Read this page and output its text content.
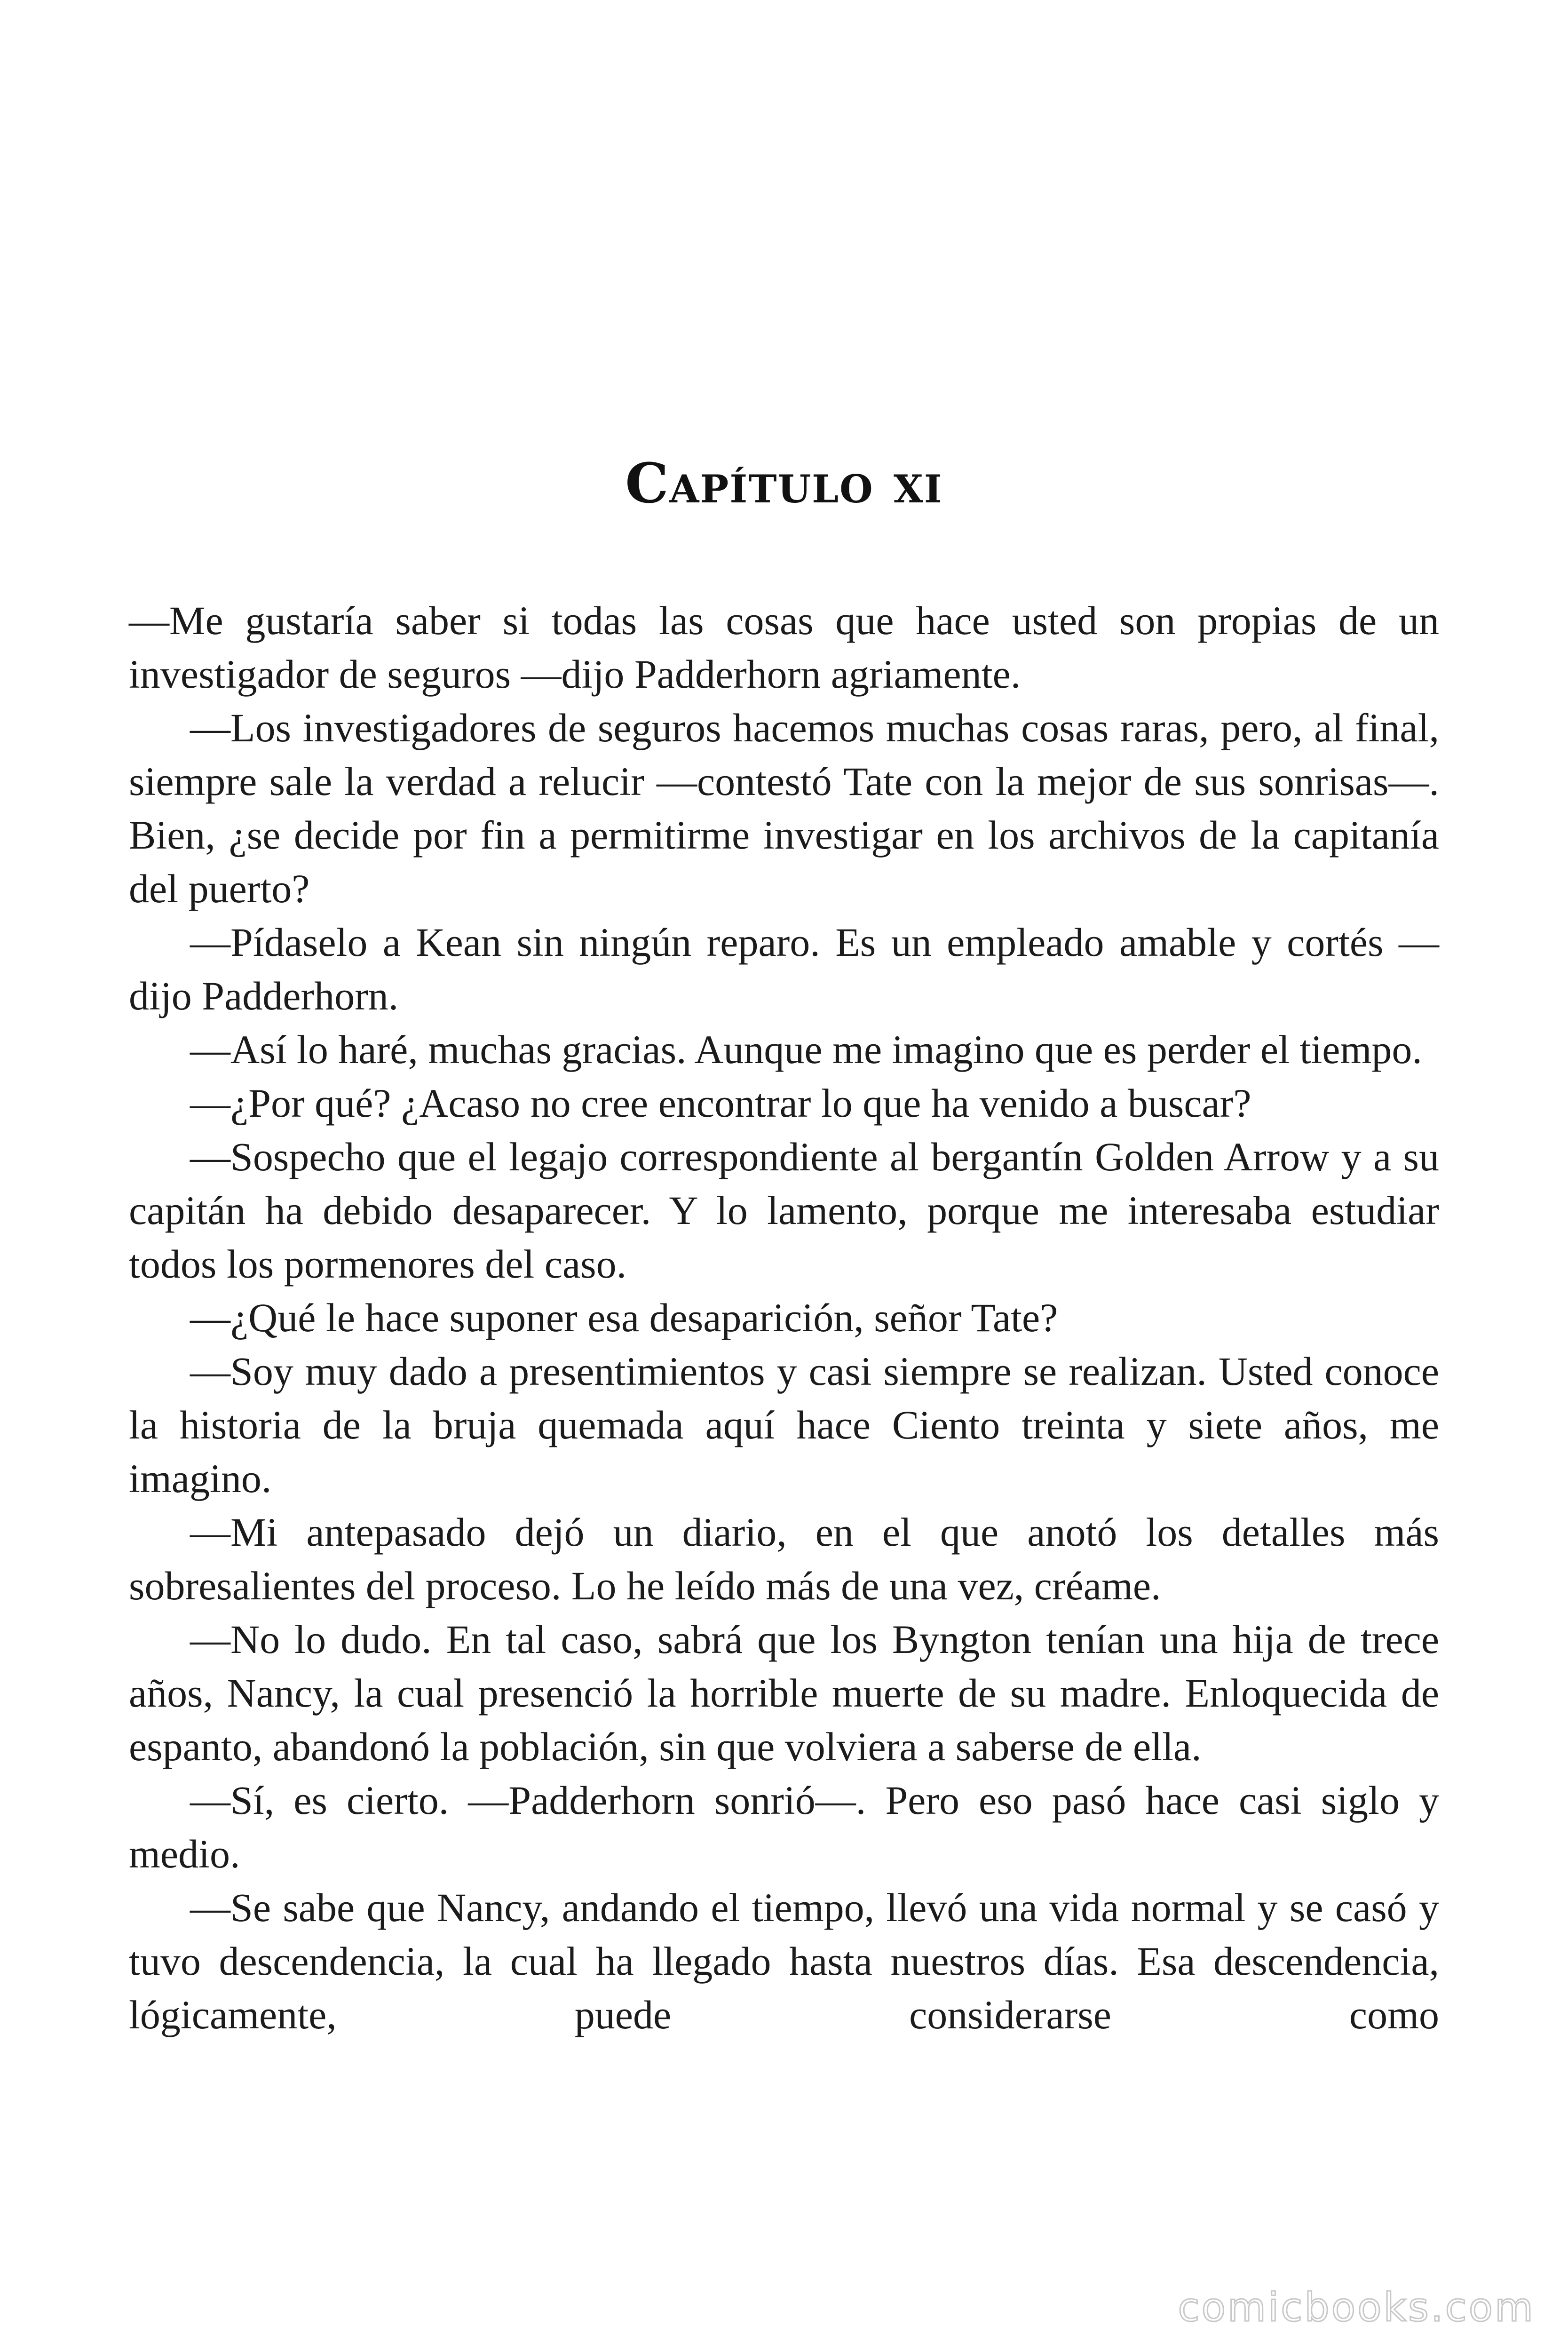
Capítulo xi

—Me gustaría saber si todas las cosas que hace usted son propias de un investigador de seguros —dijo Padderhorn agriamente.

—Los investigadores de seguros hacemos muchas cosas raras, pero, al final, siempre sale la verdad a relucir —contestó Tate con la mejor de sus sonrisas—. Bien, ¿se decide por fin a permitirme investigar en los archivos de la capitanía del puerto?

—Pídaselo a Kean sin ningún reparo. Es un empleado amable y cortés —dijo Padderhorn.

—Así lo haré, muchas gracias. Aunque me imagino que es perder el tiempo.

—¿Por qué? ¿Acaso no cree encontrar lo que ha venido a buscar?

—Sospecho que el legajo correspondiente al bergantín Golden Arrow y a su capitán ha debido desaparecer. Y lo lamento, porque me interesaba estudiar todos los pormenores del caso.

—¿Qué le hace suponer esa desaparición, señor Tate?

—Soy muy dado a presentimientos y casi siempre se realizan. Usted conoce la historia de la bruja quemada aquí hace Ciento treinta y siete años, me imagino.

—Mi antepasado dejó un diario, en el que anotó los detalles más sobresalientes del proceso. Lo he leído más de una vez, créame.

—No lo dudo. En tal caso, sabrá que los Byngton tenían una hija de trece años, Nancy, la cual presenció la horrible muerte de su madre. Enloquecida de espanto, abandonó la población, sin que volviera a saberse de ella.

—Sí, es cierto. —Padderhorn sonrió—. Pero eso pasó hace casi siglo y medio.

—Se sabe que Nancy, andando el tiempo, llevó una vida normal y se casó y tuvo descendencia, la cual ha llegado hasta nuestros días. Esa descendencia, lógicamente, puede considerarse como

comicbooks.com
